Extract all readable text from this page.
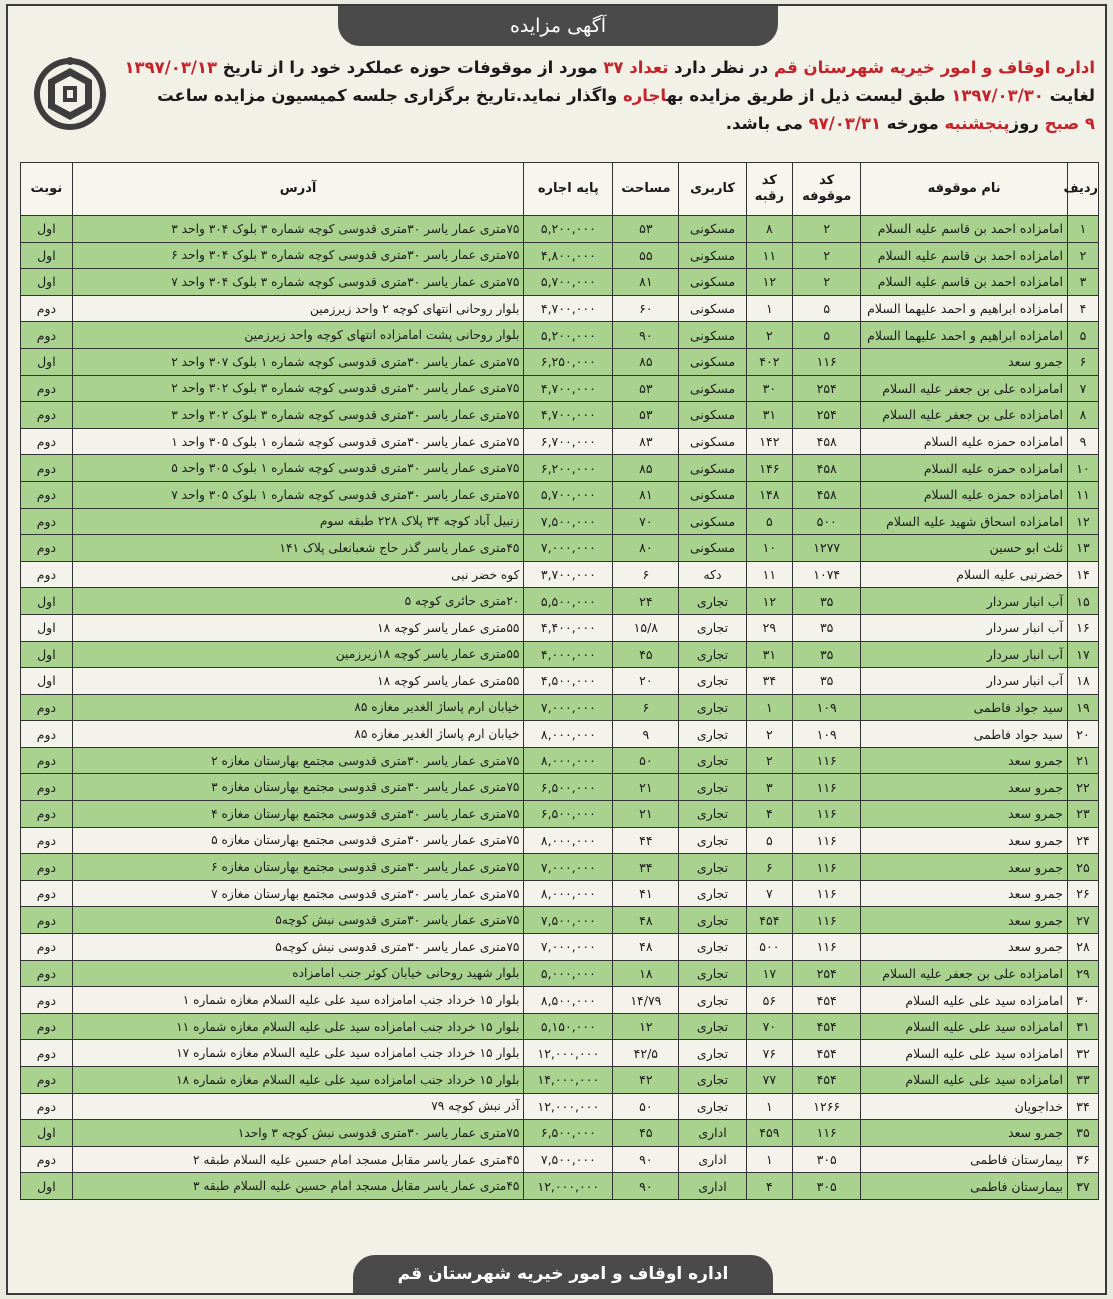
آگهی مزایده
اداره اوقاف و امور خیریه شهرستان قم در نظر دارد تعداد ۳۷ مورد از موقوفات حوزه عملکرد خود را از تاریخ ۱۳۹۷/۰۳/۱۳
لغایت ۱۳۹۷/۰۳/۳۰ طبق لیست ذیل از طریق مزایده بهاجاره واگذار نماید.تاریخ برگزاری جلسه کمیسیون مزایده ساعت
۹ صبح روزپنجشنبه مورخه ۹۷/۰۳/۳۱ می باشد.
ردیف	نام موقوفه	کد موقوفه	کد رقبه	کاربری	مساحت	پایه اجاره	آدرس	نوبت
۱	امامزاده احمد بن قاسم علیه السلام	۲	۸	مسکونی	۵۳	۵,۲۰۰,۰۰۰	۷۵متری عمار یاسر ۳۰متری قدوسی کوچه شماره ۳ بلوک ۳۰۴ واحد ۳	اول
۲	امامزاده احمد بن قاسم علیه السلام	۲	۱۱	مسکونی	۵۵	۴,۸۰۰,۰۰۰	۷۵متری عمار یاسر ۳۰متری قدوسی کوچه شماره ۳ بلوک ۳۰۴ واحد ۶	اول
۳	امامزاده احمد بن قاسم علیه السلام	۲	۱۲	مسکونی	۸۱	۵,۷۰۰,۰۰۰	۷۵متری عمار یاسر ۳۰متری قدوسی کوچه شماره ۳ بلوک ۳۰۴ واحد ۷	اول
۴	امامزاده ابراهیم و احمد علیهما السلام	۵	۱	مسکونی	۶۰	۴,۷۰۰,۰۰۰	بلوار روحانی انتهای کوچه ۲ واحد زیرزمین	دوم
۵	امامزاده ابراهیم و احمد علیهما السلام	۵	۲	مسکونی	۹۰	۵,۲۰۰,۰۰۰	بلوار روحانی پشت امامزاده انتهای کوچه واحد زیرزمین	دوم
۶	جمرو سعد	۱۱۶	۴۰۲	مسکونی	۸۵	۶,۲۵۰,۰۰۰	۷۵متری عمار یاسر ۳۰متری قدوسی کوچه شماره ۱ بلوک ۳۰۷ واحد ۲	اول
۷	امامزاده علی بن جعفر علیه السلام	۲۵۴	۳۰	مسکونی	۵۳	۴,۷۰۰,۰۰۰	۷۵متری عمار یاسر ۳۰متری قدوسی کوچه شماره ۳ بلوک ۳۰۲ واحد ۲	دوم
۸	امامزاده علی بن جعفر علیه السلام	۲۵۴	۳۱	مسکونی	۵۳	۴,۷۰۰,۰۰۰	۷۵متری عمار یاسر ۳۰متری قدوسی کوچه شماره ۳ بلوک ۳۰۲ واحد ۳	دوم
۹	امامزاده حمزه علیه السلام	۴۵۸	۱۴۲	مسکونی	۸۳	۶,۷۰۰,۰۰۰	۷۵متری عمار یاسر ۳۰متری قدوسی کوچه شماره ۱ بلوک ۳۰۵ واحد ۱	دوم
۱۰	امامزاده حمزه علیه السلام	۴۵۸	۱۴۶	مسکونی	۸۵	۶,۲۰۰,۰۰۰	۷۵متری عمار یاسر ۳۰متری قدوسی کوچه شماره ۱ بلوک ۳۰۵ واحد ۵	دوم
۱۱	امامزاده حمزه علیه السلام	۴۵۸	۱۴۸	مسکونی	۸۱	۵,۷۰۰,۰۰۰	۷۵متری عمار یاسر ۳۰متری قدوسی کوچه شماره ۱ بلوک ۳۰۵ واحد ۷	دوم
۱۲	امامزاده اسحاق شهید علیه السلام	۵۰۰	۵	مسکونی	۷۰	۷,۵۰۰,۰۰۰	زنبیل آباد کوچه ۳۴ پلاک ۲۲۸ طبقه سوم	دوم
۱۳	ثلث ابو حسین	۱۲۷۷	۱۰	مسکونی	۸۰	۷,۰۰۰,۰۰۰	۴۵متری عمار یاسر گذر حاج شعبانعلی پلاک ۱۴۱	دوم
۱۴	خضرنبی علیه السلام	۱۰۷۴	۱۱	دکه	۶	۳,۷۰۰,۰۰۰	کوه خضر نبی	دوم
۱۵	آب انبار سردار	۳۵	۱۲	تجاری	۲۴	۵,۵۰۰,۰۰۰	۲۰متری حائری کوچه ۵	اول
۱۶	آب انبار سردار	۳۵	۲۹	تجاری	۱۵/۸	۴,۴۰۰,۰۰۰	۵۵متری عمار یاسر کوچه ۱۸	اول
۱۷	آب انبار سردار	۳۵	۳۱	تجاری	۴۵	۴,۰۰۰,۰۰۰	۵۵متری عمار یاسر کوچه ۱۸زیرزمین	اول
۱۸	آب انبار سردار	۳۵	۳۴	تجاری	۲۰	۴,۵۰۰,۰۰۰	۵۵متری عمار یاسر کوچه ۱۸	اول
۱۹	سید جواد فاطمی	۱۰۹	۱	تجاری	۶	۷,۰۰۰,۰۰۰	خیابان ارم پاساژ الغدیر مغازه ۸۵	دوم
۲۰	سید جواد فاطمی	۱۰۹	۲	تجاری	۹	۸,۰۰۰,۰۰۰	خیابان ارم پاساژ الغدیر مغازه ۸۵	دوم
۲۱	جمرو سعد	۱۱۶	۲	تجاری	۵۰	۸,۰۰۰,۰۰۰	۷۵متری عمار یاسر ۳۰متری قدوسی مجتمع بهارستان مغازه ۲	دوم
۲۲	جمرو سعد	۱۱۶	۳	تجاری	۲۱	۶,۵۰۰,۰۰۰	۷۵متری عمار یاسر ۳۰متری قدوسی مجتمع بهارستان مغازه ۳	دوم
۲۳	جمرو سعد	۱۱۶	۴	تجاری	۲۱	۶,۵۰۰,۰۰۰	۷۵متری عمار یاسر ۳۰متری قدوسی مجتمع بهارستان مغازه ۴	دوم
۲۴	جمرو سعد	۱۱۶	۵	تجاری	۴۴	۸,۰۰۰,۰۰۰	۷۵متری عمار یاسر ۳۰متری قدوسی مجتمع بهارستان مغازه ۵	دوم
۲۵	جمرو سعد	۱۱۶	۶	تجاری	۳۴	۷,۰۰۰,۰۰۰	۷۵متری عمار یاسر ۳۰متری قدوسی مجتمع بهارستان مغازه ۶	دوم
۲۶	جمرو سعد	۱۱۶	۷	تجاری	۴۱	۸,۰۰۰,۰۰۰	۷۵متری عمار یاسر ۳۰متری قدوسی مجتمع بهارستان مغازه ۷	دوم
۲۷	جمرو سعد	۱۱۶	۴۵۴	تجاری	۴۸	۷,۵۰۰,۰۰۰	۷۵متری عمار یاسر ۳۰متری قدوسی نبش کوچه۵	دوم
۲۸	جمرو سعد	۱۱۶	۵۰۰	تجاری	۴۸	۷,۰۰۰,۰۰۰	۷۵متری عمار یاسر ۳۰متری قدوسی نبش کوچه۵	دوم
۲۹	امامزاده علی بن جعفر علیه السلام	۲۵۴	۱۷	تجاری	۱۸	۵,۰۰۰,۰۰۰	بلوار شهید روحانی خیابان کوثر جنب امامزاده	دوم
۳۰	امامزاده سید علی علیه السلام	۴۵۴	۵۶	تجاری	۱۴/۷۹	۸,۵۰۰,۰۰۰	بلوار ۱۵ خرداد جنب امامزاده سید علی علیه السلام مغازه شماره ۱	دوم
۳۱	امامزاده سید علی علیه السلام	۴۵۴	۷۰	تجاری	۱۲	۵,۱۵۰,۰۰۰	بلوار ۱۵ خرداد جنب امامزاده سید علی علیه السلام مغازه شماره ۱۱	دوم
۳۲	امامزاده سید علی علیه السلام	۴۵۴	۷۶	تجاری	۴۲/۵	۱۲,۰۰۰,۰۰۰	بلوار ۱۵ خرداد جنب امامزاده سید علی علیه السلام مغازه شماره ۱۷	دوم
۳۳	امامزاده سید علی علیه السلام	۴۵۴	۷۷	تجاری	۴۲	۱۴,۰۰۰,۰۰۰	بلوار ۱۵ خرداد جنب امامزاده سید علی علیه السلام مغازه شماره ۱۸	دوم
۳۴	خداجویان	۱۲۶۶	۱	تجاری	۵۰	۱۲,۰۰۰,۰۰۰	آذر نبش کوچه ۷۹	دوم
۳۵	جمرو سعد	۱۱۶	۴۵۹	اداری	۴۵	۶,۵۰۰,۰۰۰	۷۵متری عمار یاسر ۳۰متری قدوسی نبش کوچه ۳ واحد۱	اول
۳۶	بیمارستان فاطمی	۳۰۵	۱	اداری	۹۰	۷,۵۰۰,۰۰۰	۴۵متری عمار یاسر مقابل مسجد امام حسین علیه السلام طبقه ۲	دوم
۳۷	بیمارستان فاطمی	۳۰۵	۴	اداری	۹۰	۱۲,۰۰۰,۰۰۰	۴۵متری عمار یاسر مقابل مسجد امام حسین علیه السلام طبقه ۳	اول
اداره اوقاف و امور خیریه شهرستان قم
